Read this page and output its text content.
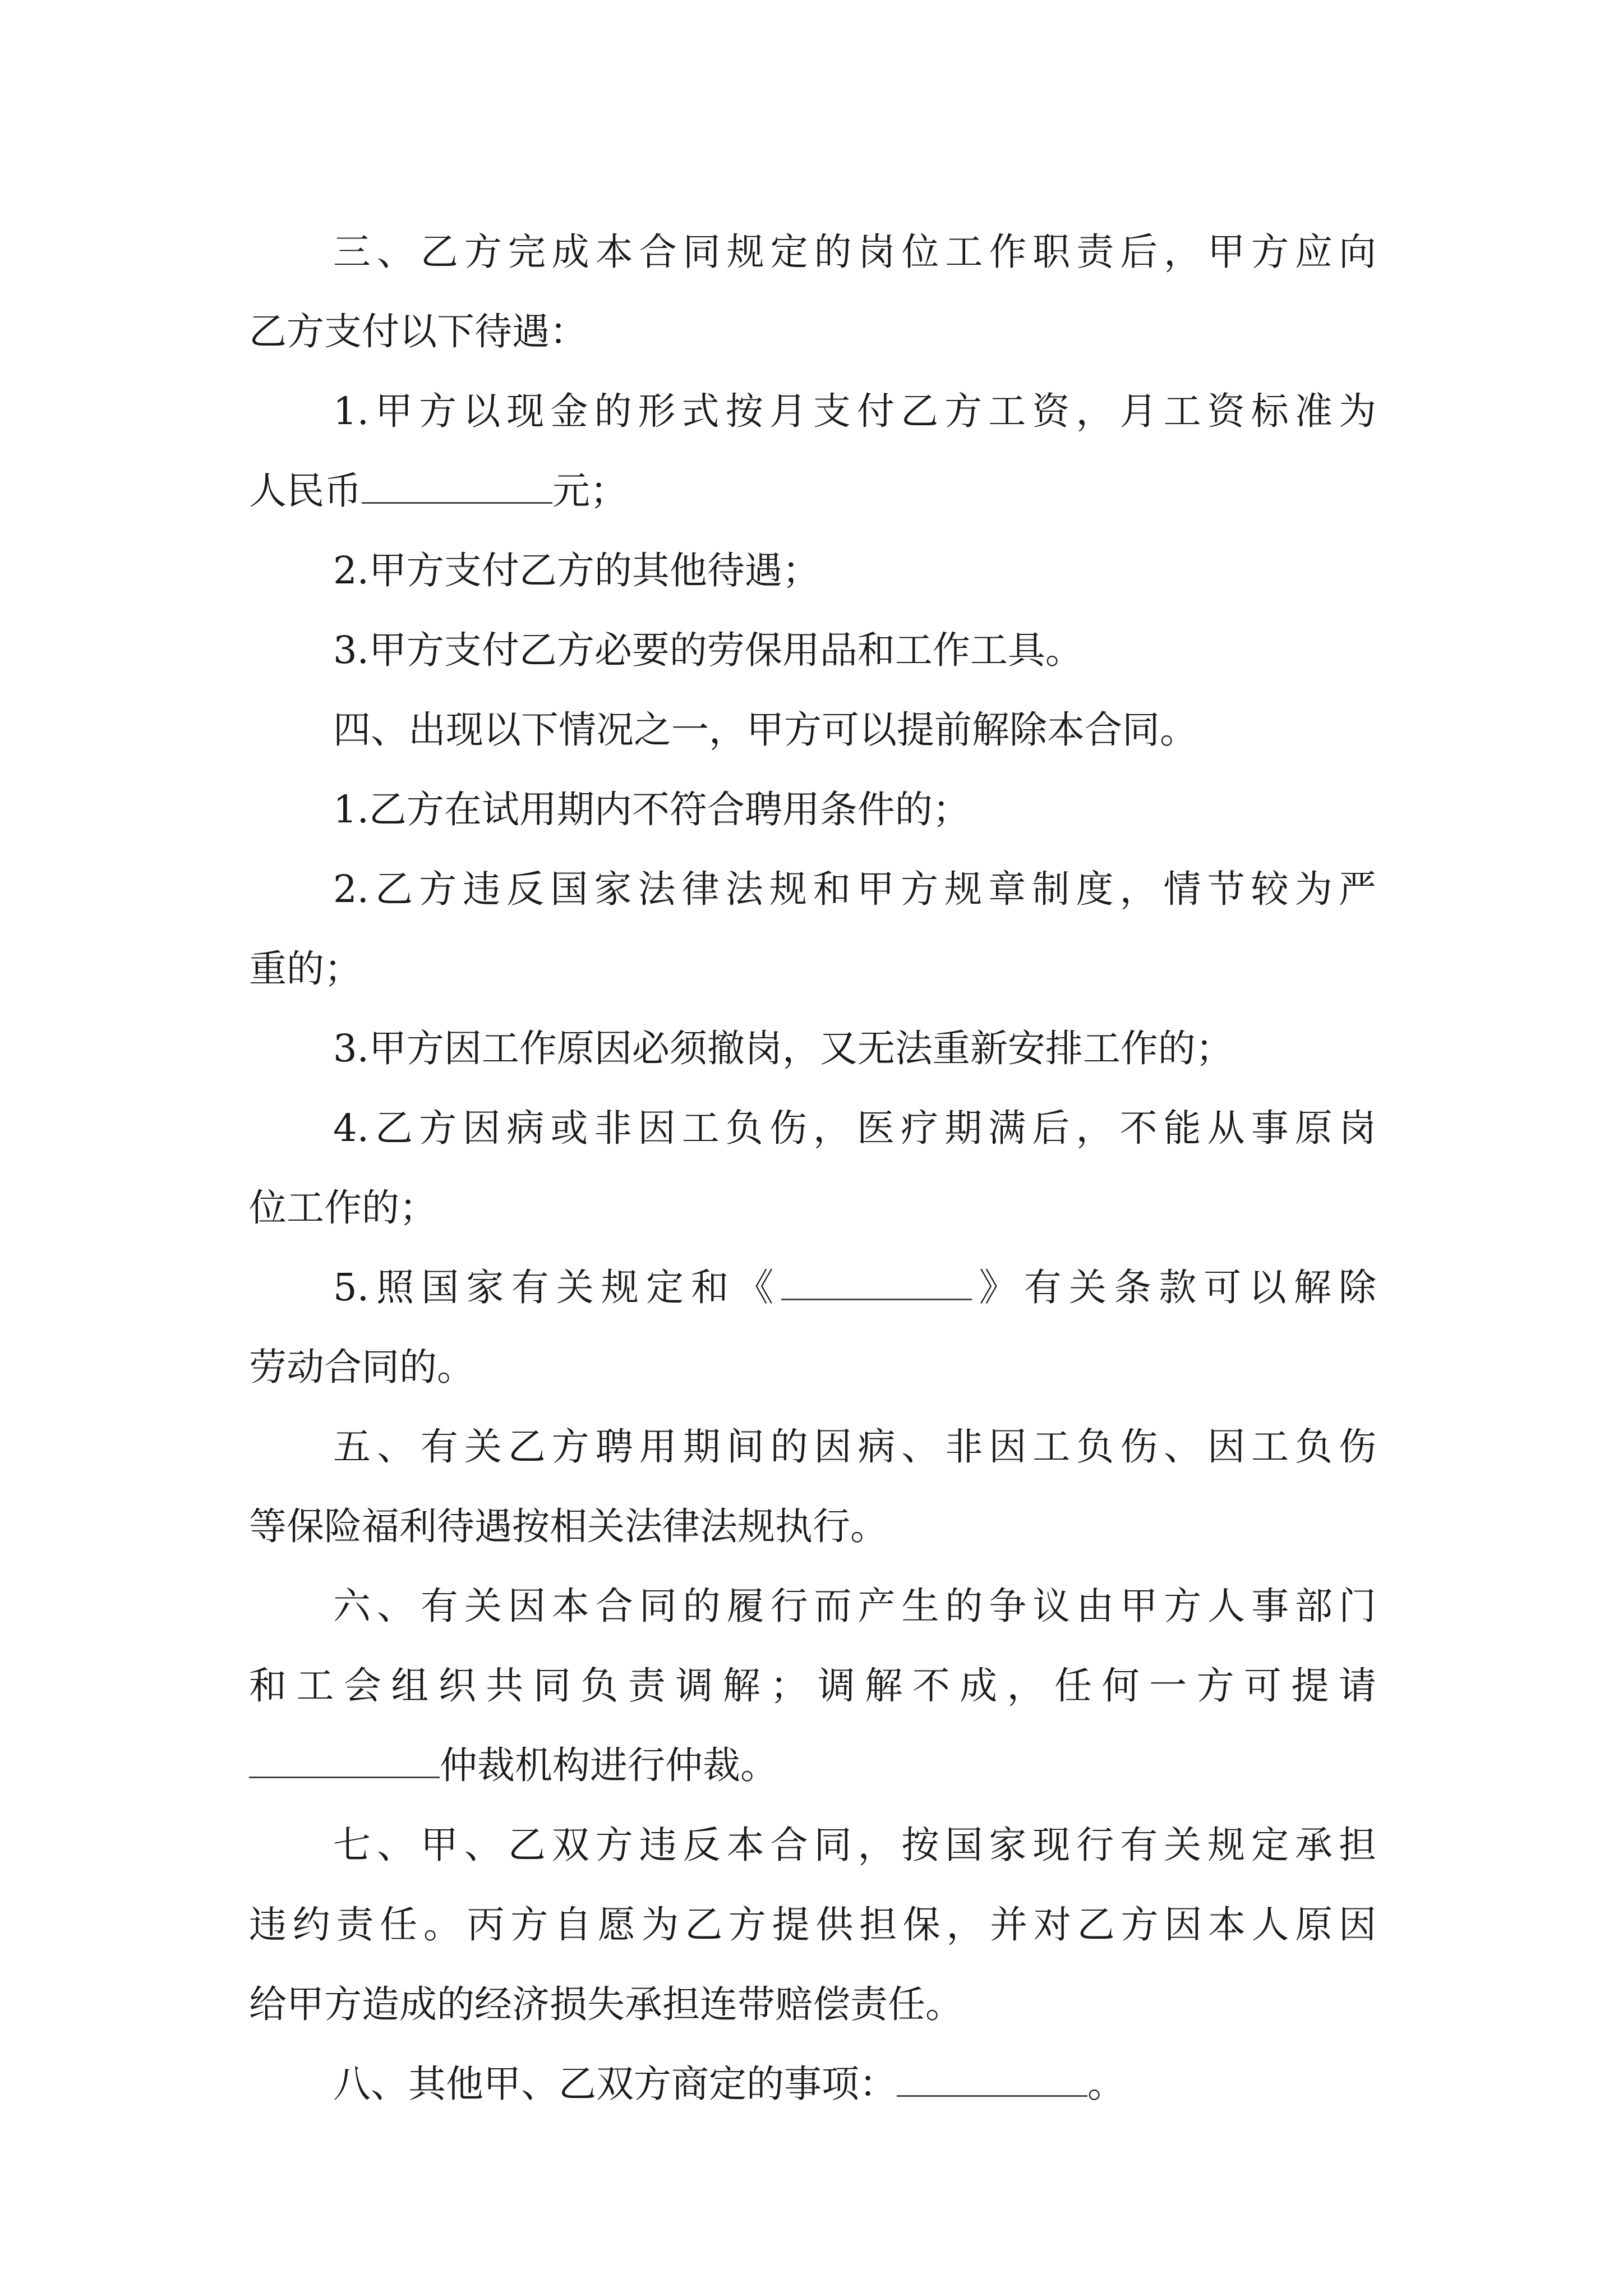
三、乙方完成本合同规定的岗位工作职责后，甲方应向
乙方支付以下待遇：
1.甲方以现金的形式按月支付乙方工资，月工资标准为
人民币	元；
2.甲方支付乙方的其他待遇；
3.甲方支付乙方必要的劳保用品和工作工具。
四、出现以下情况之一，甲方可以提前解除本合同。
1.乙方在试用期内不符合聘用条件的；
2.乙方违反国家法律法规和甲方规章制度，情节较为严
重的；
3.甲方因工作原因必须撤岗，又无法重新安排工作的；
4.乙方因病或非因工负伤，医疗期满后，不能从事原岗
位工作的；
5.照国家有关规定和《	》有关条款可以解除
劳动合同的。
五、有关乙方聘用期间的因病、非因工负伤、因工负伤
等保险福利待遇按相关法律法规执行。
六、有关因本合同的履行而产生的争议由甲方人事部门
和工会组织共同负责调解；调解不成，任何一方可提请
仲裁机构进行仲裁。
七、甲、乙双方违反本合同，按国家现行有关规定承担
违约责任。丙方自愿为乙方提供担保，并对乙方因本人原因
给甲方造成的经济损失承担连带赔偿责任。
八、其他甲、乙双方商定的事项：	。
